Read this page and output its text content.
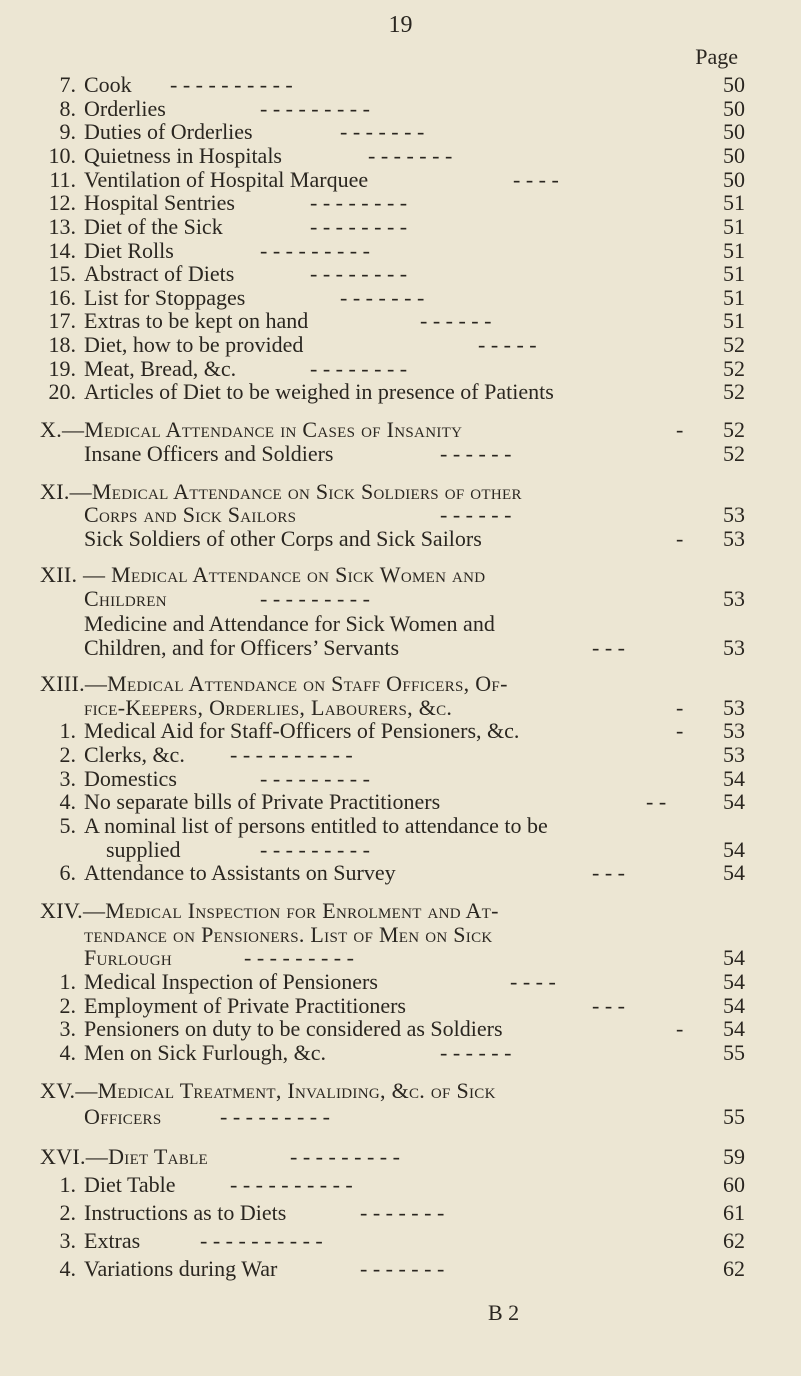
19
Page
7. Cook - - - - - - - - - -	50
8. Orderlies	- - - - - - - - -	50
9. Duties of Orderlies	- - - - - - -	50
10. Quietness in Hospitals	- - - - - - -	50
11. Ventilation of Hospital Marquee	- - - -	50
12. Hospital Sentries	- - - - - - - -	51
13. Diet of the Sick	- - - - - - - -	51
14. Diet Rolls	- - - - - - - - -	51
15. Abstract of Diets	- - - - - - - -	51
16. List for Stoppages	- - - - - - -	51
17. Extras to be kept on hand	- - - - - -	51
18. Diet, how to be provided	- - - - -	52
19. Meat, Bread, &c.	- - - - - - - -	52
20. Articles of Diet to be weighed in presence of Patients	52
X.—Medical Attendance in Cases of Insanity	-	52
Insane Officers and Soldiers	- - - - - -	52
XI.—Medical Attendance on Sick Soldiers of other
Corps and Sick Sailors	- - - - - -	53
Sick Soldiers of other Corps and Sick Sailors	-	53
XII. — Medical Attendance on Sick Women and
Children	- - - - - - - - -	53
Medicine and Attendance for Sick Women and
Children, and for Officers’ Servants	- - -	53
XIII.—Medical Attendance on Staff Officers, Of-
fice-Keepers, Orderlies, Labourers, &c.	-	53
1. Medical Aid for Staff-Officers of Pensioners, &c.	-	53
2. Clerks, &c. - - - - - - - - - -	53
3. Domestics	- - - - - - - - -	54
4. No separate bills of Private Practitioners	- -	54
5. A nominal list of persons entitled to attendance to be
supplied	- - - - - - - - -	54
6. Attendance to Assistants on Survey	- - -	54
XIV.—Medical Inspection for Enrolment and At-
tendance on Pensioners. List of Men on Sick
Furlough	- - - - - - - - -	54
1. Medical Inspection of Pensioners	- - - -	54
2. Employment of Private Practitioners	- - -	54
3. Pensioners on duty to be considered as Soldiers	-	54
4. Men on Sick Furlough, &c.	- - - - - -	55
XV.—Medical Treatment, Invaliding, &c. of Sick
Officers	- - - - - - - - -	55
XVI.—Diet Table	- - - - - - - - -	59
1. Diet Table - - - - - - - - - -	60
2. Instructions as to Diets	- - - - - - -	61
3. Extras	- - - - - - - - - -	62
4. Variations during War	- - - - - - -	62
B 2
